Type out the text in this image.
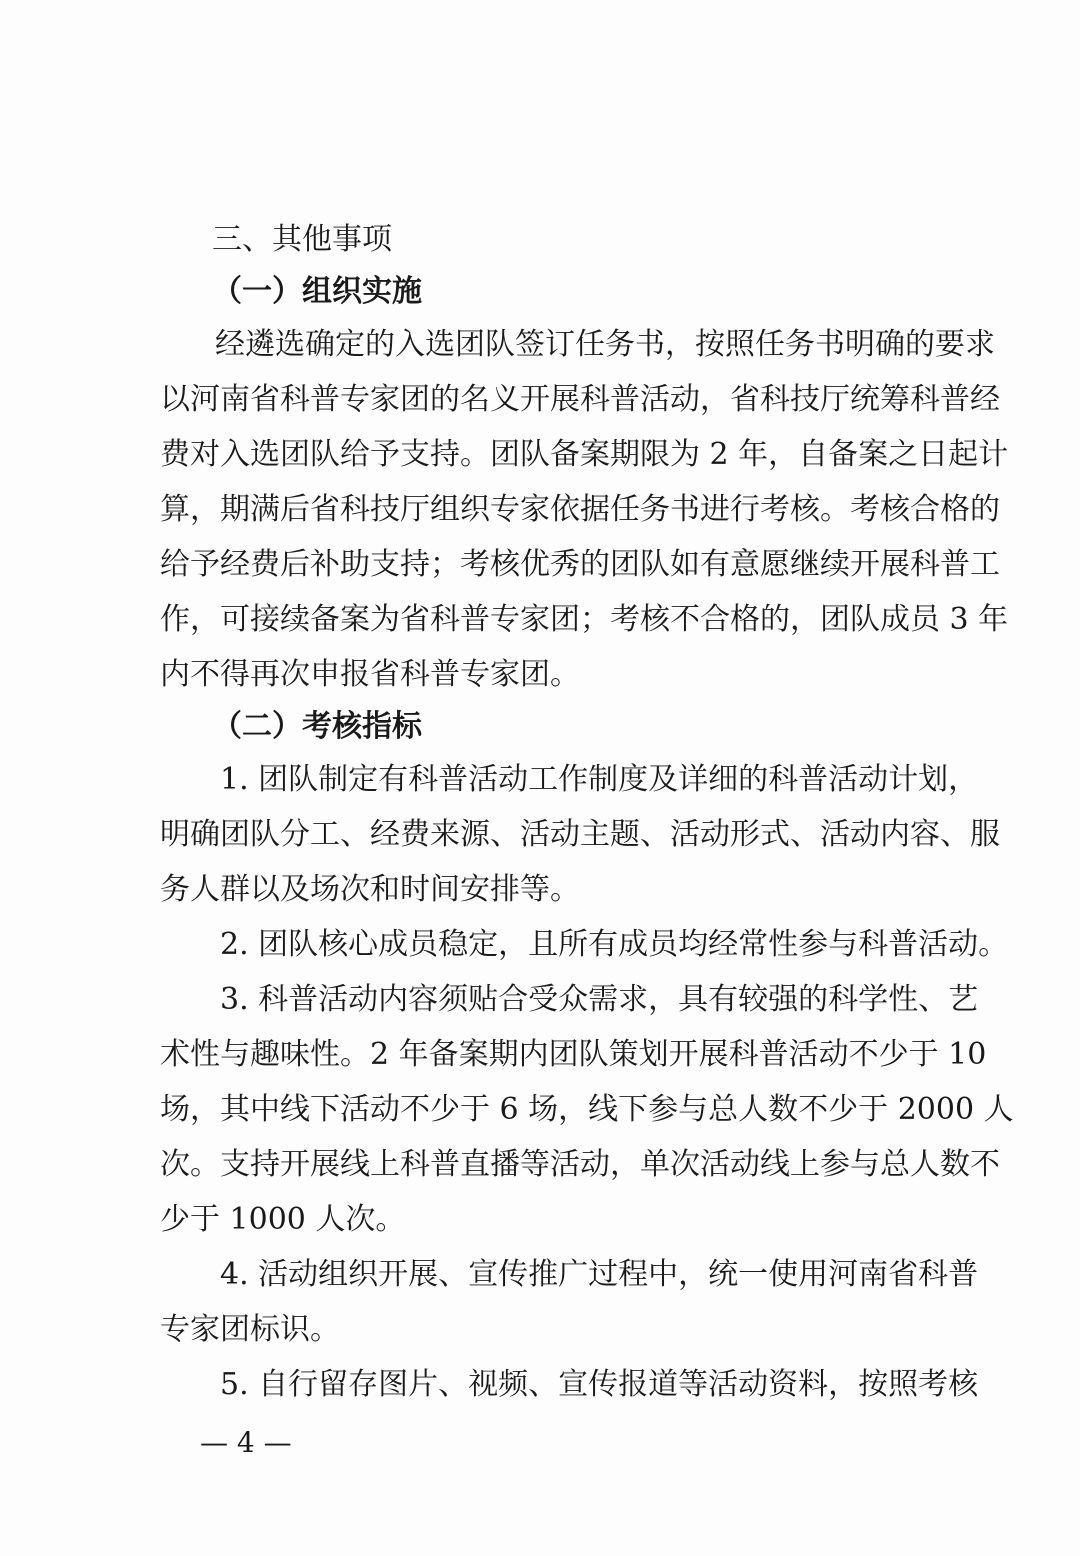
三、其他事项
（一）组织实施
经遴选确定的入选团队签订任务书，按照任务书明确的要求
以河南省科普专家团的名义开展科普活动，省科技厅统筹科普经
费对入选团队给予支持。团队备案期限为 2 年，自备案之日起计
算，期满后省科技厅组织专家依据任务书进行考核。考核合格的
给予经费后补助支持；考核优秀的团队如有意愿继续开展科普工
作，可接续备案为省科普专家团；考核不合格的，团队成员 3 年
内不得再次申报省科普专家团。
（二）考核指标
1. 团队制定有科普活动工作制度及详细的科普活动计划，
明确团队分工、经费来源、活动主题、活动形式、活动内容、服
务人群以及场次和时间安排等。
2. 团队核心成员稳定，且所有成员均经常性参与科普活动。
3. 科普活动内容须贴合受众需求，具有较强的科学性、艺
术性与趣味性。2 年备案期内团队策划开展科普活动不少于 10
场，其中线下活动不少于 6 场，线下参与总人数不少于 2000 人
次。支持开展线上科普直播等活动，单次活动线上参与总人数不
少于 1000 人次。
4. 活动组织开展、宣传推广过程中，统一使用河南省科普
专家团标识。
5. 自行留存图片、视频、宣传报道等活动资料，按照考核
— 4 —
